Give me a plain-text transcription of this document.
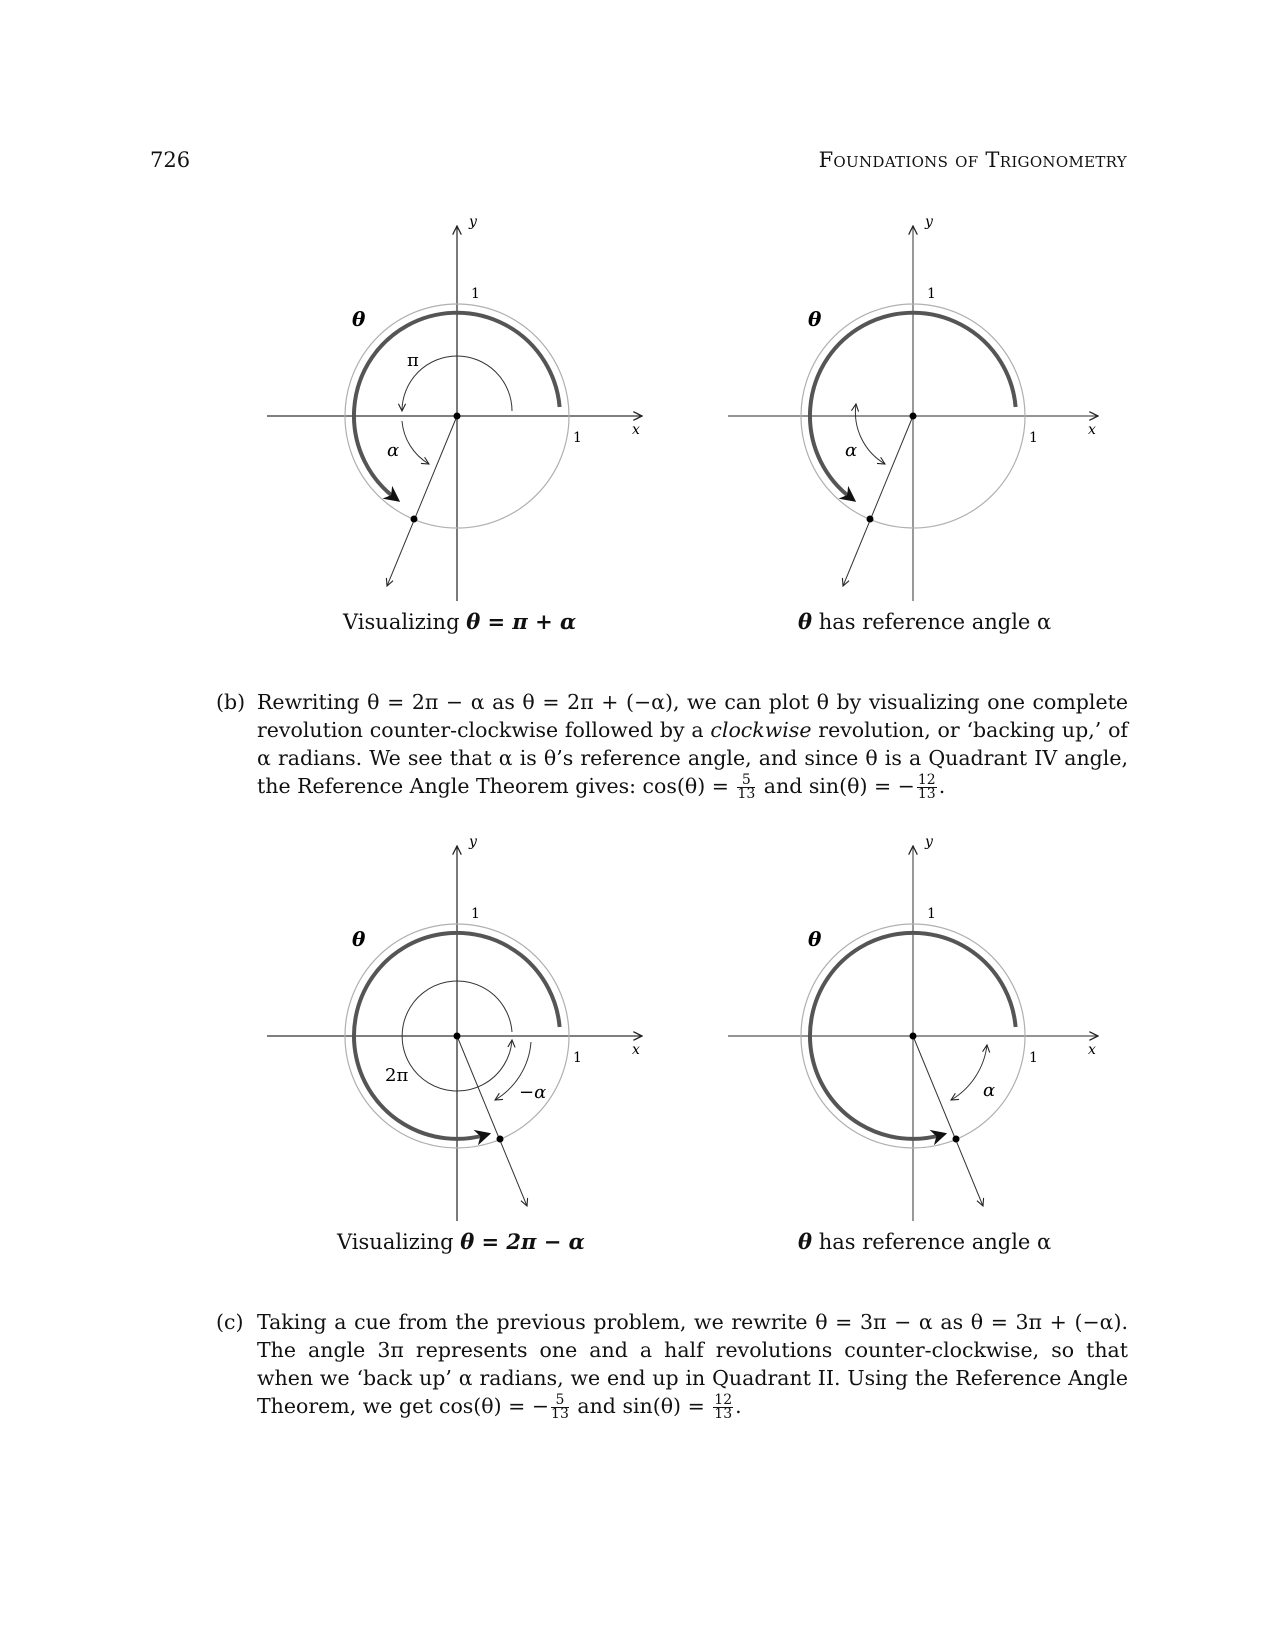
726	Foundations of Trigonometry
1
1	x
y
θ
π
α
Visualizing θ = π + α
1
1	x
y
θ
α
θ has reference angle α
(b) Rewriting θ = 2π − α as θ = 2π + (−α), we can plot θ by visualizing one complete revolution counter-clockwise followed by a clockwise revolution, or ‘backing up,’ of α radians. We see that α is θ’s reference angle, and since θ is a Quadrant IV angle, the Reference Angle Theorem gives: $\cos(\theta) = \frac{5}{13}$ and sin(θ) = − $\frac{12}{13}$ .
1
1	x
y
θ
2π
−α
Visualizing θ = 2π − α
1
1	x
y
θ
α
θ has reference angle α
(c) Taking a cue from the previous problem, we rewrite θ = 3π − α as θ = 3π + (−α). The angle 3π represents one and a half revolutions counter-clockwise, so that when we ‘back up’ α radians, we end up in Quadrant II. Using the Reference Angle Theorem, we get cos(θ) = − $\frac{5}{13}$ and $\sin(\theta) = \frac{12}{13}$ .
